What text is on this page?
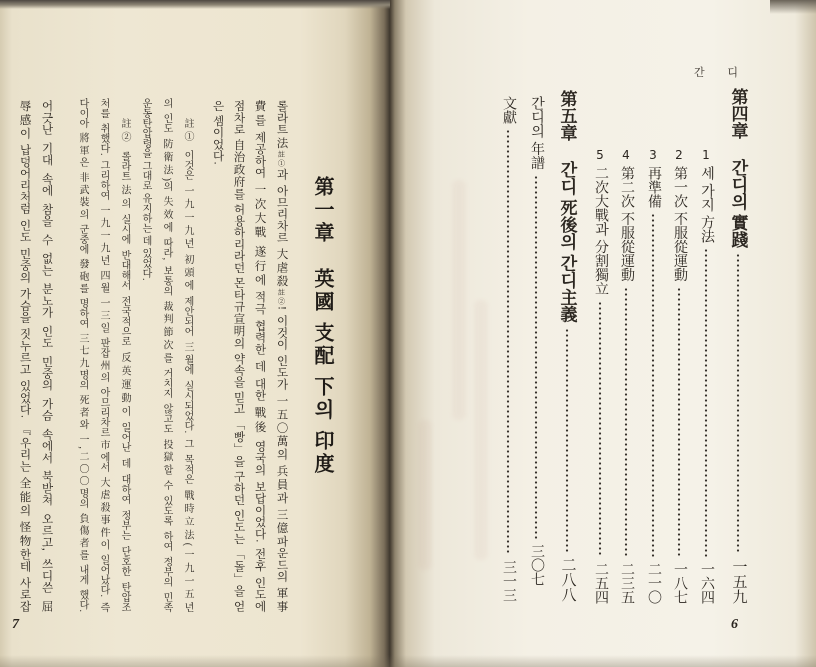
第一章　英國 支配 下의 印度
롤라트法註①과 아므리차르 大虐殺註②! 이것이 인도가 一五〇萬의 兵員과 三億파운드의 軍事
費를 제공하여 一次大戰 遂行에 적극 협력한 데 대한 戰後 영국의 보답이었다. 전후 인도에
점차로 自治政府를 허용하리라던 몬타규宣明의 약속을 믿고 「빵」을 구하던 인도는 「돌」을 얻
은 셈이었다.
註① 이것은 一九一九년 初頭에 제안되어 三월에 실시되었다. 그 목적은 戰時立法(一九一五년
의 인도 防衛法)의 失效에 따라, 보통의 裁判節次를 거치지 않고도 投獄할 수 있도록 하여 정부의 민족
운동탄압령을 그대로 유지하는 데 있었다.
註② 롤라트法의 실시에 반대해서 전국적으로 反英運動이 일어난 데 대하여 정부는 단호한 탄압조
처를 취했다. 그리하여 一九一九년 四월 一三일 판잡州의 아므리차르市에서 大虐殺事件이 일어났다. 즉
다이아 將軍은 非武裝의 군중에 發砲를 명하여 三七九명의 死者와 一,二〇〇명의 負傷者를 내게 했다.
어긋난 기대 속에 참을 수 없는 분노가 인도 민중의 가슴 속에서 북받쳐 오르고, 쓰디쓴 屈
辱感이 납덩어리처럼 인도 민중의 가슴을 짓누르고 있었다. 『우리는 全能의 怪物한테 사로잡
7
간 디
第四章
간디의 實踐
一五九
1
세 가지 方法
一六四
2
第一次 不服從運動
一八七
3
再準備
二一〇
4
第二次 不服從運動
二三五
5
二次大戰과 分割獨立
二五四
第五章
간디 死後의 간디主義
二八八
간디의 年譜
三〇七
文獻
三一三
6
